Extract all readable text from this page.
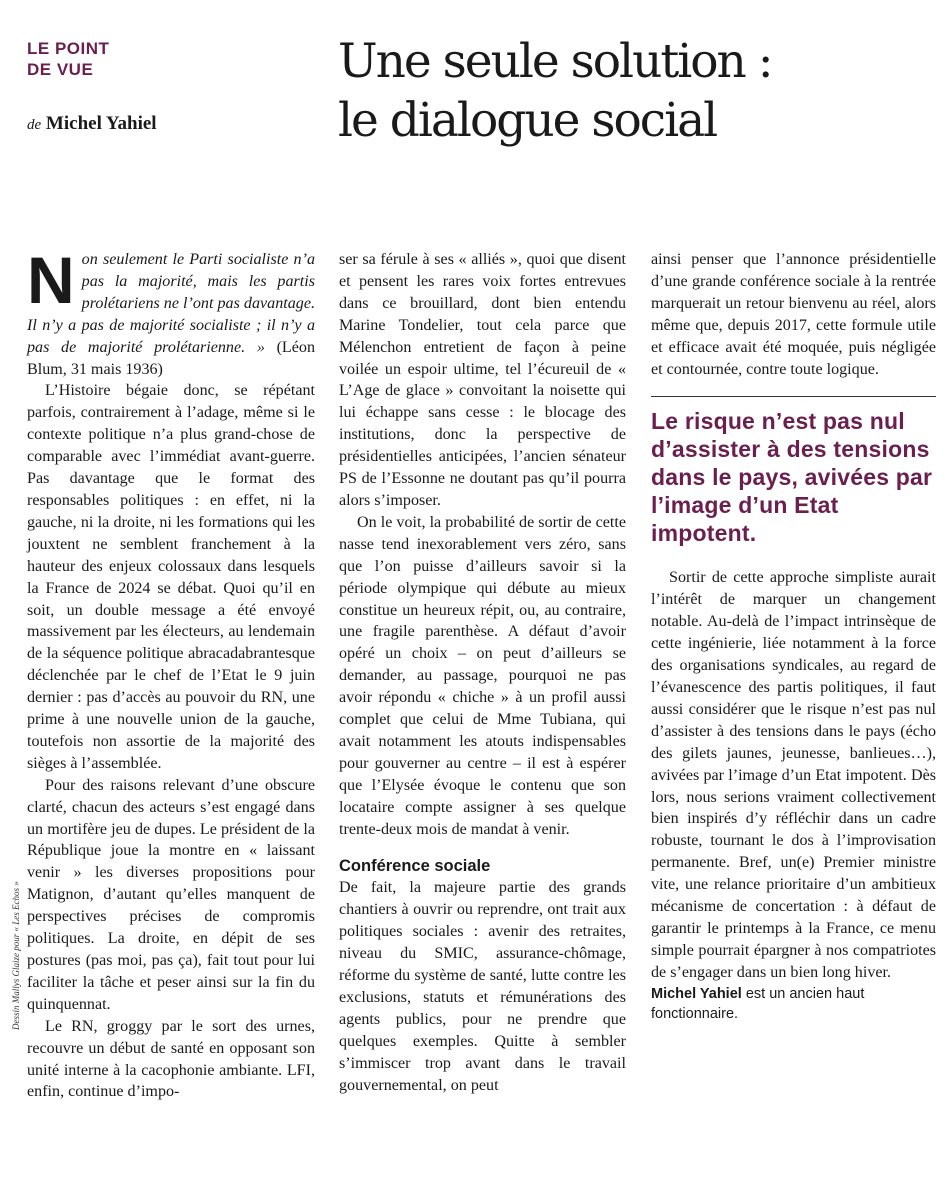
LE POINT
DE VUE
de Michel Yahiel
Une seule solution :
le dialogue social
Dessin Mallys Glaize pour « Les Echos »

Non seulement le Parti socialiste n’a pas la majorité, mais les partis prolétariens ne l’ont pas davantage. Il n’y a pas de majorité socialiste ; il n’y a pas de majorité prolétarienne. » (Léon Blum, 31 mais 1936)

L’Histoire bégaie donc, se répétant parfois, contrairement à l’adage, même si le contexte politique n’a plus grand-chose de comparable avec l’immédiat avant-guerre. Pas davantage que le format des responsables politiques : en effet, ni la gauche, ni la droite, ni les formations qui les jouxtent ne semblent franchement à la hauteur des enjeux colossaux dans lesquels la France de 2024 se débat. Quoi qu’il en soit, un double message a été envoyé massivement par les électeurs, au lendemain de la séquence politique abracadabrantesque déclenchée par le chef de l’Etat le 9 juin dernier : pas d’accès au pouvoir du RN, une prime à une nouvelle union de la gauche, toutefois non assortie de la majorité des sièges à l’assemblée.

Pour des raisons relevant d’une obscure clarté, chacun des acteurs s’est engagé dans un mortifère jeu de dupes. Le président de la République joue la montre en « laissant venir » les diverses propositions pour Matignon, d’autant qu’elles manquent de perspectives précises de compromis politiques. La droite, en dépit de ses postures (pas moi, pas ça), fait tout pour lui faciliter la tâche et peser ainsi sur la fin du quinquennat.

Le RN, groggy par le sort des urnes, recouvre un début de santé en opposant son unité interne à la cacophonie ambiante. LFI, enfin, continue d’impo-

ser sa férule à ses « alliés », quoi que disent et pensent les rares voix fortes entrevues dans ce brouillard, dont bien entendu Marine Tondelier, tout cela parce que Mélenchon entretient de façon à peine voilée un espoir ultime, tel l’écureuil de « L’Age de glace » convoitant la noisette qui lui échappe sans cesse : le blocage des institutions, donc la perspective de présidentielles anticipées, l’ancien sénateur PS de l’Essonne ne doutant pas qu’il pourra alors s’imposer.

On le voit, la probabilité de sortir de cette nasse tend inexorablement vers zéro, sans que l’on puisse d’ailleurs savoir si la période olympique qui débute au mieux constitue un heureux répit, ou, au contraire, une fragile parenthèse. A défaut d’avoir opéré un choix – on peut d’ailleurs se demander, au passage, pourquoi ne pas avoir répondu « chiche » à un profil aussi complet que celui de Mme Tubiana, qui avait notamment les atouts indispensables pour gouverner au centre – il est à espérer que l’Elysée évoque le contenu que son locataire compte assigner à ses quelque trente-deux mois de mandat à venir.

Conférence sociale

De fait, la majeure partie des grands chantiers à ouvrir ou reprendre, ont trait aux politiques sociales : avenir des retraites, niveau du SMIC, assurance-chômage, réforme du système de santé, lutte contre les exclusions, statuts et rémunérations des agents publics, pour ne prendre que quelques exemples. Quitte à sembler s’immiscer trop avant dans le travail gouvernemental, on peut

ainsi penser que l’annonce présidentielle d’une grande conférence sociale à la rentrée marquerait un retour bienvenu au réel, alors même que, depuis 2017, cette formule utile et efficace avait été moquée, puis négligée et contournée, contre toute logique.

Le risque n’est pas nul d’assister à des tensions dans le pays, avivées par l’image d’un Etat impotent.

Sortir de cette approche simpliste aurait l’intérêt de marquer un changement notable. Au-delà de l’impact intrinsèque de cette ingénierie, liée notamment à la force des organisations syndicales, au regard de l’évanescence des partis politiques, il faut aussi considérer que le risque n’est pas nul d’assister à des tensions dans le pays (écho des gilets jaunes, jeunesse, banlieues…), avivées par l’image d’un Etat impotent. Dès lors, nous serions vraiment collectivement bien inspirés d’y réfléchir dans un cadre robuste, tournant le dos à l’improvisation permanente. Bref, un(e) Premier ministre vite, une relance prioritaire d’un ambitieux mécanisme de concertation : à défaut de garantir le printemps à la France, ce menu simple pourrait épargner à nos compatriotes de s’engager dans un bien long hiver.

Michel Yahiel est un ancien haut fonctionnaire.
